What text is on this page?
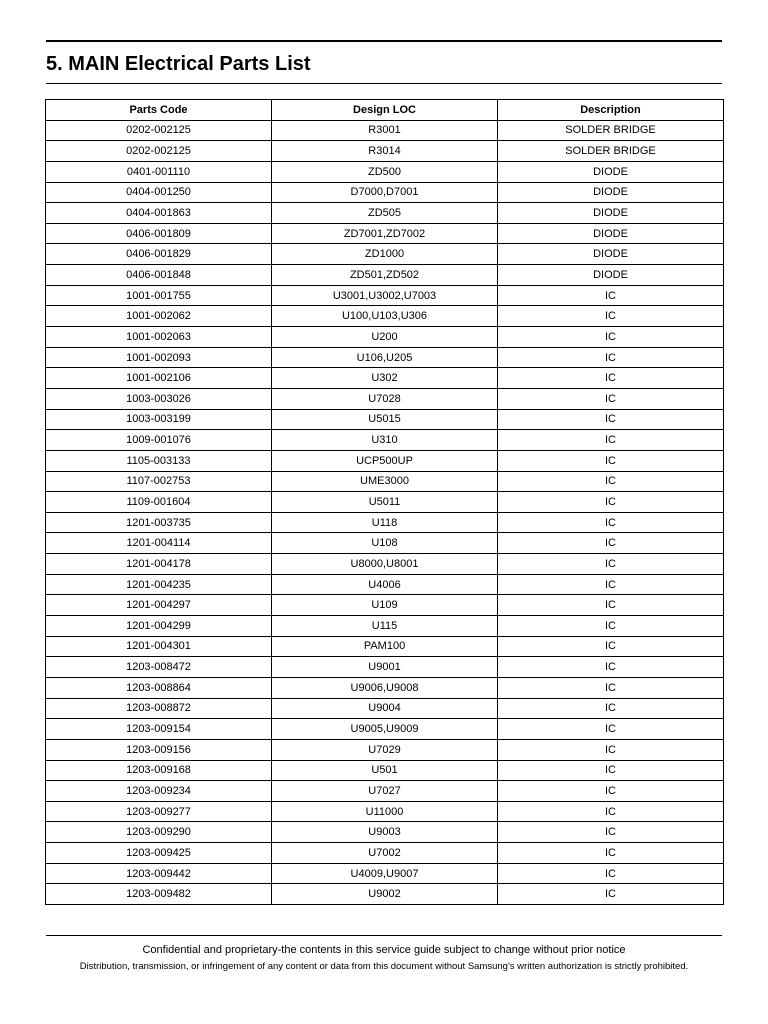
5. MAIN Electrical Parts List
Parts Code	Design LOC	Description
0202-002125	R3001	SOLDER BRIDGE
0202-002125	R3014	SOLDER BRIDGE
0401-001110	ZD500	DIODE
0404-001250	D7000,D7001	DIODE
0404-001863	ZD505	DIODE
0406-001809	ZD7001,ZD7002	DIODE
0406-001829	ZD1000	DIODE
0406-001848	ZD501,ZD502	DIODE
1001-001755	U3001,U3002,U7003	IC
1001-002062	U100,U103,U306	IC
1001-002063	U200	IC
1001-002093	U106,U205	IC
1001-002106	U302	IC
1003-003026	U7028	IC
1003-003199	U5015	IC
1009-001076	U310	IC
1105-003133	UCP500UP	IC
1107-002753	UME3000	IC
1109-001604	U5011	IC
1201-003735	U118	IC
1201-004114	U108	IC
1201-004178	U8000,U8001	IC
1201-004235	U4006	IC
1201-004297	U109	IC
1201-004299	U115	IC
1201-004301	PAM100	IC
1203-008472	U9001	IC
1203-008864	U9006,U9008	IC
1203-008872	U9004	IC
1203-009154	U9005,U9009	IC
1203-009156	U7029	IC
1203-009168	U501	IC
1203-009234	U7027	IC
1203-009277	U11000	IC
1203-009290	U9003	IC
1203-009425	U7002	IC
1203-009442	U4009,U9007	IC
1203-009482	U9002	IC
Confidential and proprietary-the contents in this service guide subject to change without prior notice
Distribution, transmission, or infringement of any content or data from this document without Samsung's written authorization is strictly prohibited.
